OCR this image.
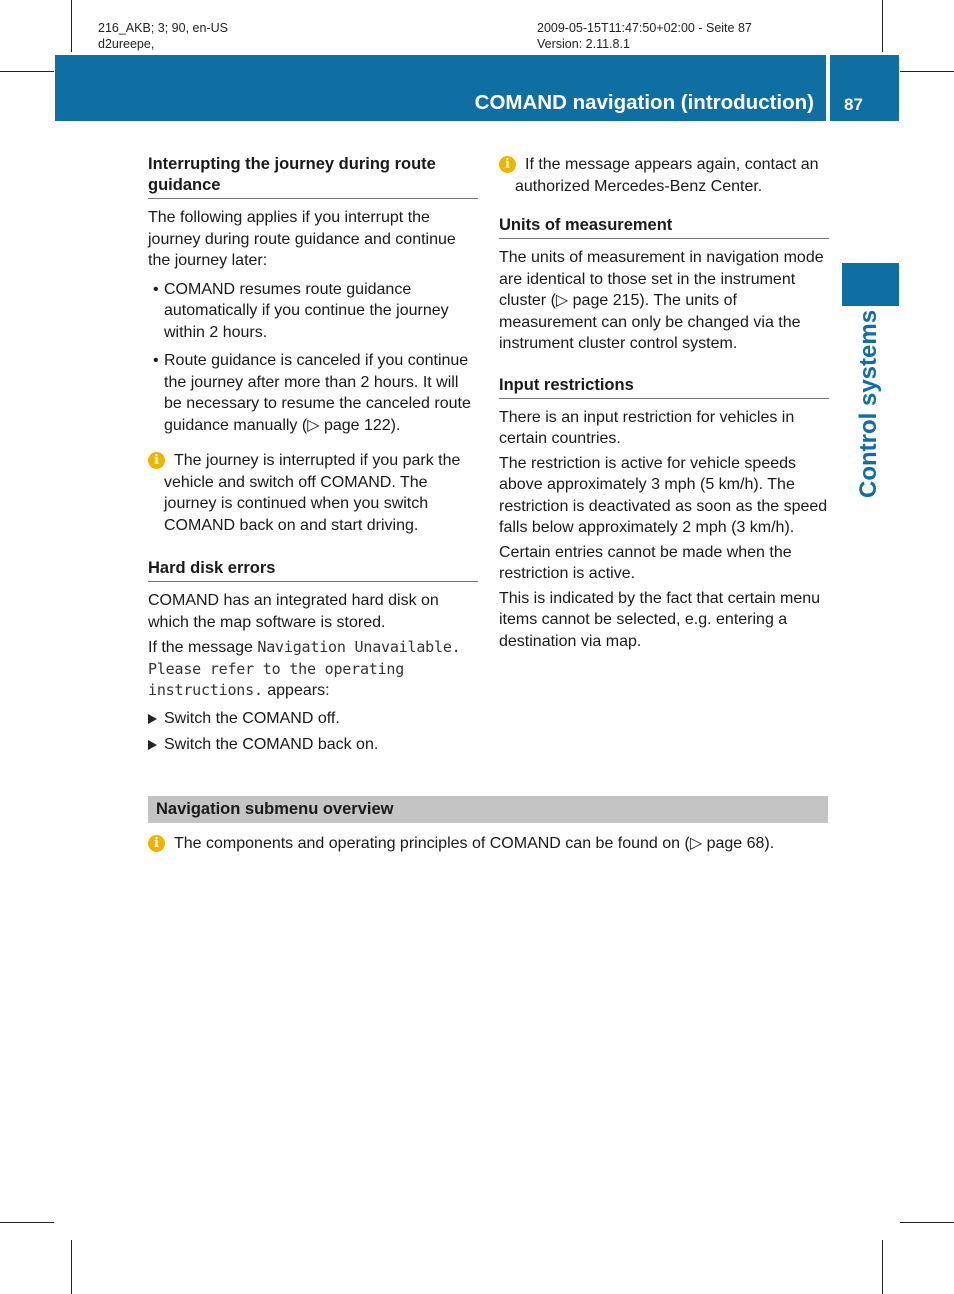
216_AKB; 3; 90, en-US
d2ureepe,
2009-05-15T11:47:50+02:00 - Seite 87
Version: 2.11.8.1
COMAND navigation (introduction) 87
Control systems
Interrupting the journey during route guidance

The following applies if you interrupt the journey during route guidance and continue the journey later:

• COMAND resumes route guidance automatically if you continue the journey within 2 hours.
• Route guidance is canceled if you continue the journey after more than 2 hours. It will be necessary to resume the canceled route guidance manually (▷ page 122).
i The journey is interrupted if you park the vehicle and switch off COMAND. The journey is continued when you switch COMAND back on and start driving.
Hard disk errors

COMAND has an integrated hard disk on which the map software is stored.

If the message Navigation Unavailable. Please refer to the operating instructions. appears:

Switch the COMAND off.
Switch the COMAND back on.
i If the message appears again, contact an authorized Mercedes-Benz Center.
Units of measurement

The units of measurement in navigation mode are identical to those set in the instrument cluster (▷ page 215). The units of measurement can only be changed via the instrument cluster control system.

Input restrictions

There is an input restriction for vehicles in certain countries.

The restriction is active for vehicle speeds above approximately 3 mph (5 km/h). The restriction is deactivated as soon as the speed falls below approximately 2 mph (3 km/h).

Certain entries cannot be made when the restriction is active.

This is indicated by the fact that certain menu items cannot be selected, e.g. entering a destination via map.

Navigation submenu overview
i The components and operating principles of COMAND can be found on (▷ page 68).
